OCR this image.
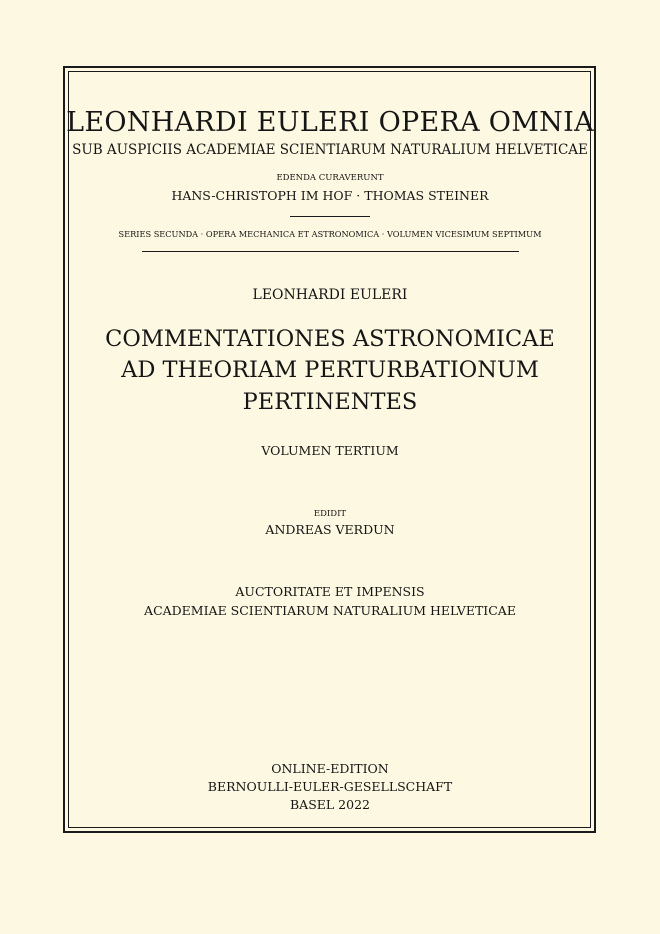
LEONHARDI EULERI OPERA OMNIA
SUB AUSPICIIS ACADEMIAE SCIENTIARUM NATURALIUM HELVETICAE
EDENDA CURAVERUNT
HANS-CHRISTOPH IM HOF · THOMAS STEINER
SERIES SECUNDA · OPERA MECHANICA ET ASTRONOMICA · VOLUMEN VICESIMUM SEPTIMUM
LEONHARDI EULERI
COMMENTATIONES ASTRONOMICAE
AD THEORIAM PERTURBATIONUM
PERTINENTES
VOLUMEN TERTIUM
EDIDIT
ANDREAS VERDUN
AUCTORITATE ET IMPENSIS
ACADEMIAE SCIENTIARUM NATURALIUM HELVETICAE
ONLINE-EDITION
BERNOULLI-EULER-GESELLSCHAFT
BASEL 2022
